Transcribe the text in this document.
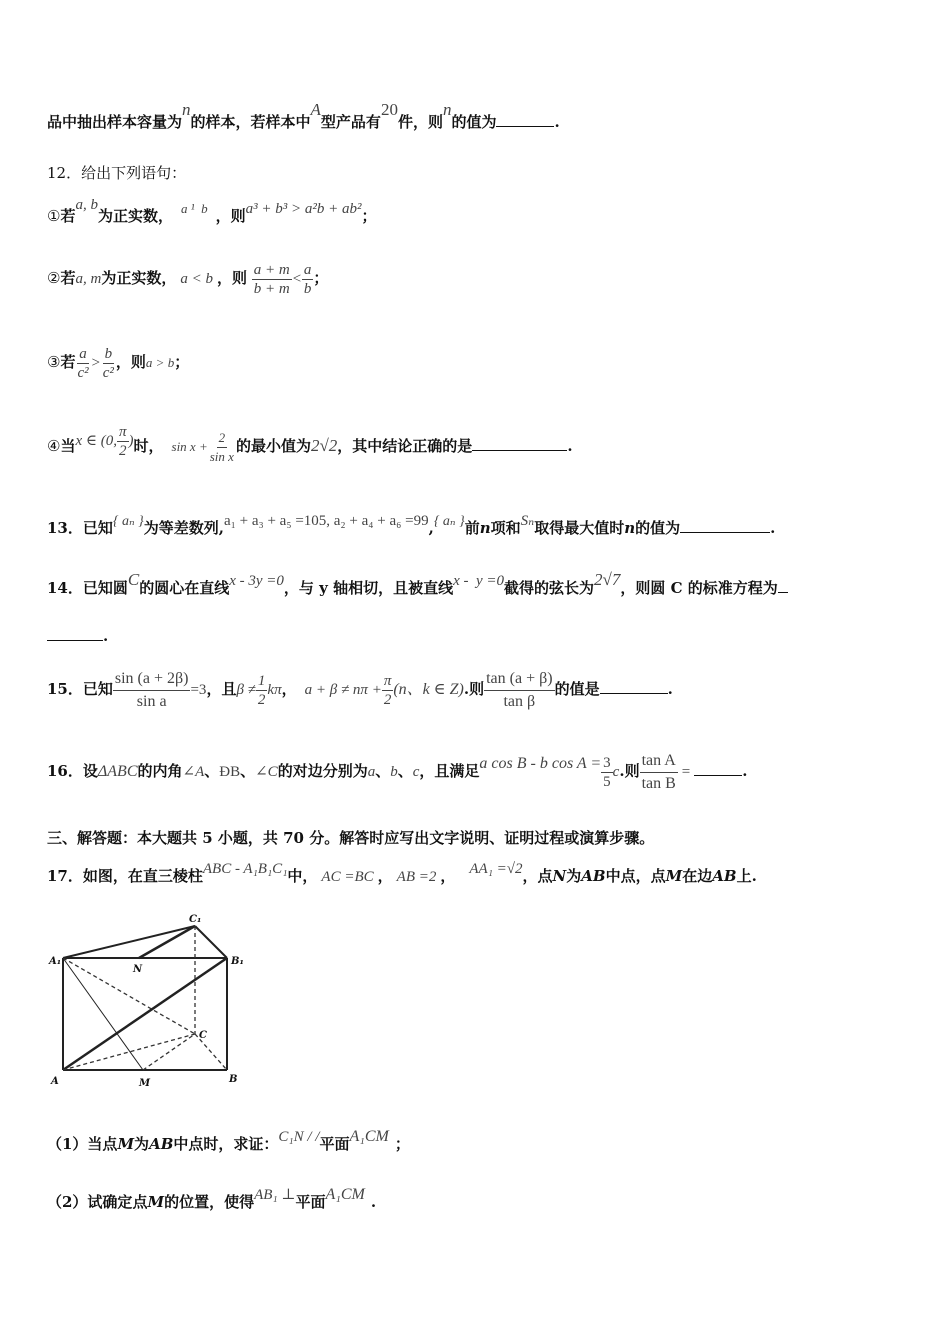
品中抽出样本容量为n的样本，若样本中A型产品有20件，则n的值为	.
12．给出下列语句：
①若a, b为正实数， a ¹  b ，则a³ + b³ > a²b + ab²；
②若a, m为正实数， a < b ，则 $\frac{a + m}{b + m} < \frac{a}{b}$ ；
③若 $\frac{a}{\text{c²}} > \frac{b}{\text{c²}}$ ，则a > b；
④当x ∈ (0, $\frac{\pi}{2}$ )时， $\sin x + \frac{2}{\text{sin x}}$ 的最小值为2√2，其中结论正确的是	.
13．已知{ aₙ }为等差数列,a₁ + a₃ + a₅ =105, a₂ + a₄ + a₆ =99,{ aₙ }前n项和Sₙ取得最大值时n的值为	.
14．已知圆C的圆心在直线x - 3y =0，与 y 轴相切，且被直线x -  y =0截得的弦长为2√7，则圆 C 的标准方程为
.
15．已知 $\frac{\sin (a + 2\beta)}{\text{sin a}} =3$，且$\beta \ne \frac{1}{2}$ kπ， $a + \beta \ne n\pi + \frac{\pi}{2} (n$、k ∈ Z).则 $\frac{\tan (a + \beta)}{\text{tan β}}$ 的值是	.
16．设ΔABC的内角∠A、ÐB、∠C的对边分别为a、b、c，且满足a cos B - b $\cos A = \frac{3}{5} c$.则 $\frac{\text{tan A}}{\text{tan B}}$ =	.
三、解答题：本大题共 5 小题，共 70 分。解答时应写出文字说明、证明过程或演算步骤。
17．如图，在直三棱柱ABC - A₁B₁C₁中， AC =BC ， AB =2 ， AA₁ =√2，点N为AB中点，点M在边AB上.
C₁
A₁	B₁
N
C
A	M	B
（1）当点M为AB中点时，求证：C₁N / /平面A₁CM ；
（2）试确定点M的位置，使得AB₁ ⊥平面A₁CM .
